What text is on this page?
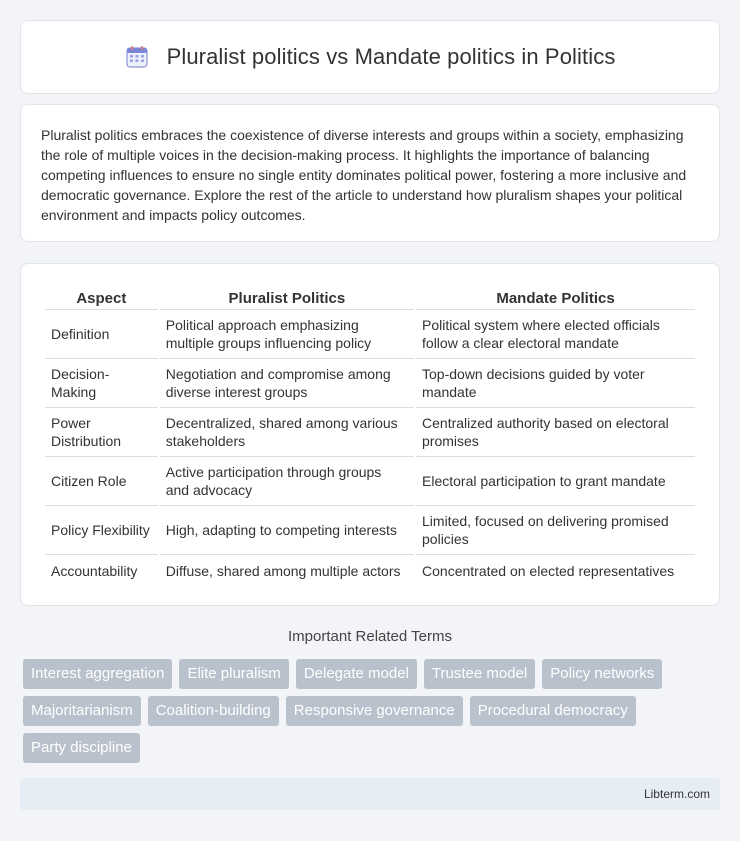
Pluralist politics vs Mandate politics in Politics

Pluralist politics embraces the coexistence of diverse interests and groups within a society, emphasizing the role of multiple voices in the decision-making process. It highlights the importance of balancing competing influences to ensure no single entity dominates political power, fostering a more inclusive and democratic governance. Explore the rest of the article to understand how pluralism shapes your political environment and impacts policy outcomes.

Aspect	Pluralist Politics	Mandate Politics
Definition	Political approach emphasizing multiple groups influencing policy	Political system where elected officials follow a clear electoral mandate
Decision-Making	Negotiation and compromise among diverse interest groups	Top-down decisions guided by voter mandate
Power Distribution	Decentralized, shared among various stakeholders	Centralized authority based on electoral promises
Citizen Role	Active participation through groups and advocacy	Electoral participation to grant mandate
Policy Flexibility	High, adapting to competing interests	Limited, focused on delivering promised policies
Accountability	Diffuse, shared among multiple actors	Concentrated on elected representatives
Important Related Terms
Interest aggregation	Elite pluralism	Delegate model	Trustee model	Policy networks
Majoritarianism	Coalition-building	Responsive governance	Procedural democracy
Party discipline
Libterm.com
